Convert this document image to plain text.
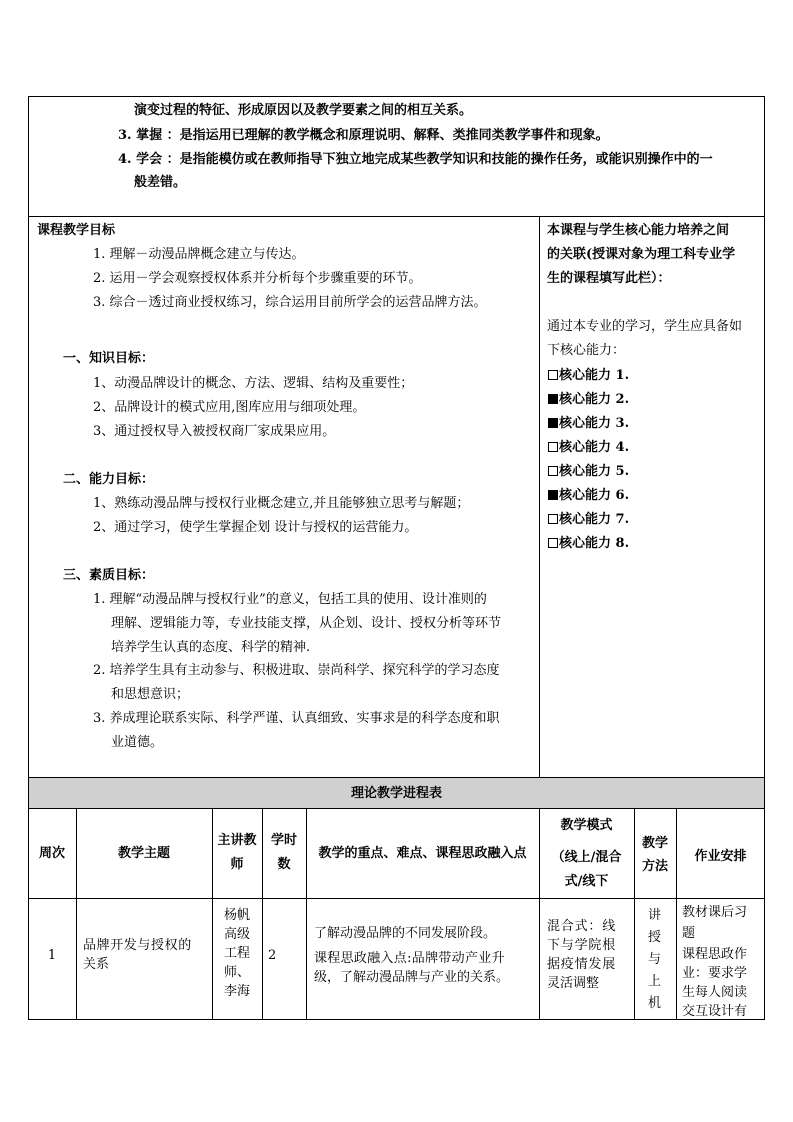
演变过程的特征、形成原因以及教学要素之间的相互关系。
3. 掌握 ：是指运用已理解的教学概念和原理说明、解释、类推同类教学事件和现象。
4. 学会 ：是指能模仿或在教师指导下独立地完成某些教学知识和技能的操作任务，或能识别操作中的一
般差错。
课程教学目标
1. 理解－动漫品牌概念建立与传达。
2. 运用－学会观察授权体系并分析每个步骤重要的环节。
3. 综合－透过商业授权练习，综合运用目前所学会的运营品牌方法。
一、知识目标：
1、动漫品牌设计的概念、方法、逻辑、结构及重要性；
2、品牌设计的模式应用,图库应用与细项处理。
3、通过授权导入被授权商厂家成果应用。
二、能力目标：
1、熟练动漫品牌与授权行业概念建立,并且能够独立思考与解题；
2、通过学习，使学生掌握企划 设计与授权的运营能力。
三、素质目标：
1. 理解“动漫品牌与授权行业”的意义，包括工具的使用、设计准则的
理解、逻辑能力等，专业技能支撑，从企划、设计、授权分析等环节
培养学生认真的态度、科学的精神.
2. 培养学生具有主动参与、积极进取、崇尚科学、探究科学的学习态度
和思想意识；
3. 养成理论联系实际、科学严谨、认真细致、实事求是的科学态度和职
业道德。
本课程与学生核心能力培养之间
的关联(授课对象为理工科专业学
生的课程填写此栏）：
通过本专业的学习，学生应具备如
下核心能力：
核心能力 1.
核心能力 2.
核心能力 3.
核心能力 4.
核心能力 5.
核心能力 6.
核心能力 7.
核心能力 8.
理论教学进程表
周次	教学主题
主讲教
师
学时
数
教学的重点、难点、课程思政融入点
教学模式
（线上/混合
式/线下
教学
方法
作业安排
1
品牌开发与授权的
关系
杨帆
高级
工程
师、
李海
2
了解动漫品牌的不同发展阶段。
课程思政融入点:品牌带动产业升
级，了解动漫品牌与产业的关系。
混合式：线
下与学院根
据疫情发展
灵活调整
讲
授
与
上
机
教材课后习
题
课程思政作
业：要求学
生每人阅读
交互设计有
